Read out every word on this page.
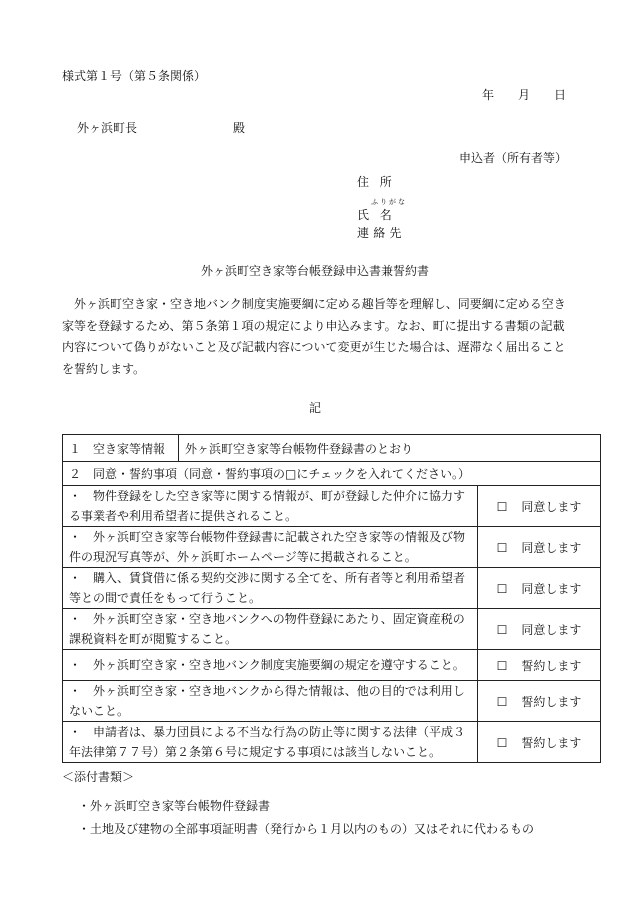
様式第１号（第５条関係）
年 月 日
外ヶ浜町長	殿
申込者（所有者等）
住所
ふりがな
氏名
連絡先
外ヶ浜町空き家等台帳登録申込書兼誓約書
外ヶ浜町空き家・空き地バンク制度実施要綱に定める趣旨等を理解し、同要綱に定める空き家等を登録するため、第５条第１項の規定により申込みます。なお、町に提出する書類の記載内容について偽りがないこと及び記載内容について変更が生じた場合は、遅滞なく届出ることを誓約します。
記
１　空き家等情報	外ヶ浜町空き家等台帳物件登録書のとおり	
２　同意・誓約事項（同意・誓約事項の□にチェックを入れてください。）		
・　物件登録をした空き家等に関する情報が、町が登録した仲介に協力する事業者や利用希望者に提供されること。		☐ 同意します
・　外ヶ浜町空き家等台帳物件登録書に記載された空き家等の情報及び物件の現況写真等が、外ヶ浜町ホームページ等に掲載されること。		☐ 同意します
・　購入、賃貸借に係る契約交渉に関する全てを、所有者等と利用希望者等との間で責任をもって行うこと。		☐ 同意します
・　外ヶ浜町空き家・空き地バンクへの物件登録にあたり、固定資産税の課税資料を町が閲覧すること。		☐ 同意します
・　外ヶ浜町空き家・空き地バンク制度実施要綱の規定を遵守すること。		☐ 誓約します
・　外ヶ浜町空き家・空き地バンクから得た情報は、他の目的では利用しないこと。		☐ 誓約します
・　申請者は、暴力団員による不当な行為の防止等に関する法律（平成３年法律第７７号）第２条第６号に規定する事項には該当しないこと。		☐ 誓約します
＜添付書類＞
・外ヶ浜町空き家等台帳物件登録書
・土地及び建物の全部事項証明書（発行から１月以内のもの）又はそれに代わるもの
